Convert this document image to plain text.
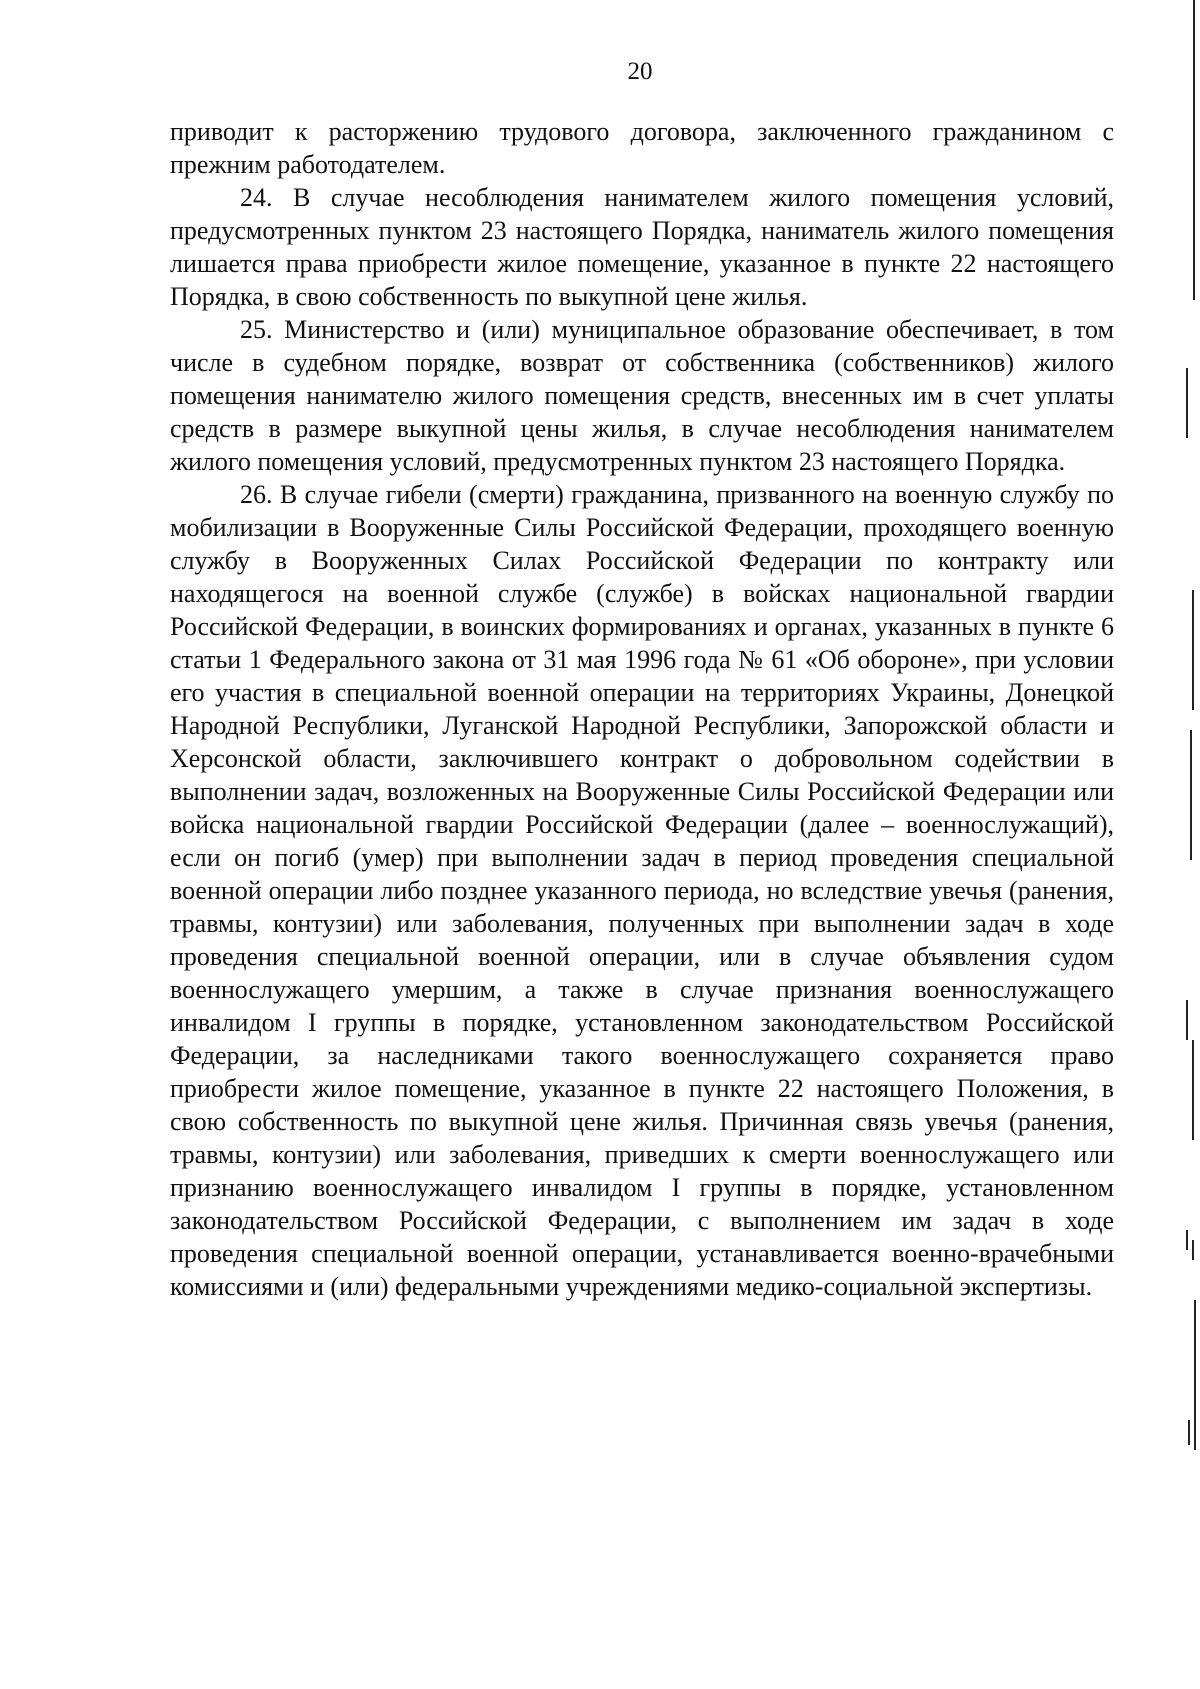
20

приводит к расторжению трудового договора, заключенного гражданином с прежним работодателем.

24. В случае несоблюдения нанимателем жилого помещения условий, предусмотренных пунктом 23 настоящего Порядка, наниматель жилого помещения лишается права приобрести жилое помещение, указанное в пункте 22 настоящего Порядка, в свою собственность по выкупной цене жилья.

25. Министерство и (или) муниципальное образование обеспечивает, в том числе в судебном порядке, возврат от собственника (собственников) жилого помещения нанимателю жилого помещения средств, внесенных им в счет уплаты средств в размере выкупной цены жилья, в случае несоблюдения нанимателем жилого помещения условий, предусмотренных пунктом 23 настоящего Порядка.

26. В случае гибели (смерти) гражданина, призванного на военную службу по мобилизации в Вооруженные Силы Российской Федерации, проходящего военную службу в Вооруженных Силах Российской Федерации по контракту или находящегося на военной службе (службе) в войсках национальной гвардии Российской Федерации, в воинских формированиях и органах, указанных в пункте 6 статьи 1 Федерального закона от 31 мая 1996 года № 61 «Об обороне», при условии его участия в специальной военной операции на территориях Украины, Донецкой Народной Республики, Луганской Народной Республики, Запорожской области и Херсонской области, заключившего контракт о добровольном содействии в выполнении задач, возложенных на Вооруженные Силы Российской Федерации или войска национальной гвардии Российской Федерации (далее – военнослужащий), если он погиб (умер) при выполнении задач в период проведения специальной военной операции либо позднее указанного периода, но вследствие увечья (ранения, травмы, контузии) или заболевания, полученных при выполнении задач в ходе проведения специальной военной операции, или в случае объявления судом военнослужащего умершим, а также в случае признания военнослужащего инвалидом I группы в порядке, установленном законодательством Российской Федерации, за наследниками такого военнослужащего сохраняется право приобрести жилое помещение, указанное в пункте 22 настоящего Положения, в свою собственность по выкупной цене жилья. Причинная связь увечья (ранения, травмы, контузии) или заболевания, приведших к смерти военнослужащего или признанию военнослужащего инвалидом I группы в порядке, установленном законодательством Российской Федерации, с выполнением им задач в ходе проведения специальной военной операции, устанавливается военно-врачебными комиссиями и (или) федеральными учреждениями медико-социальной экспертизы.
